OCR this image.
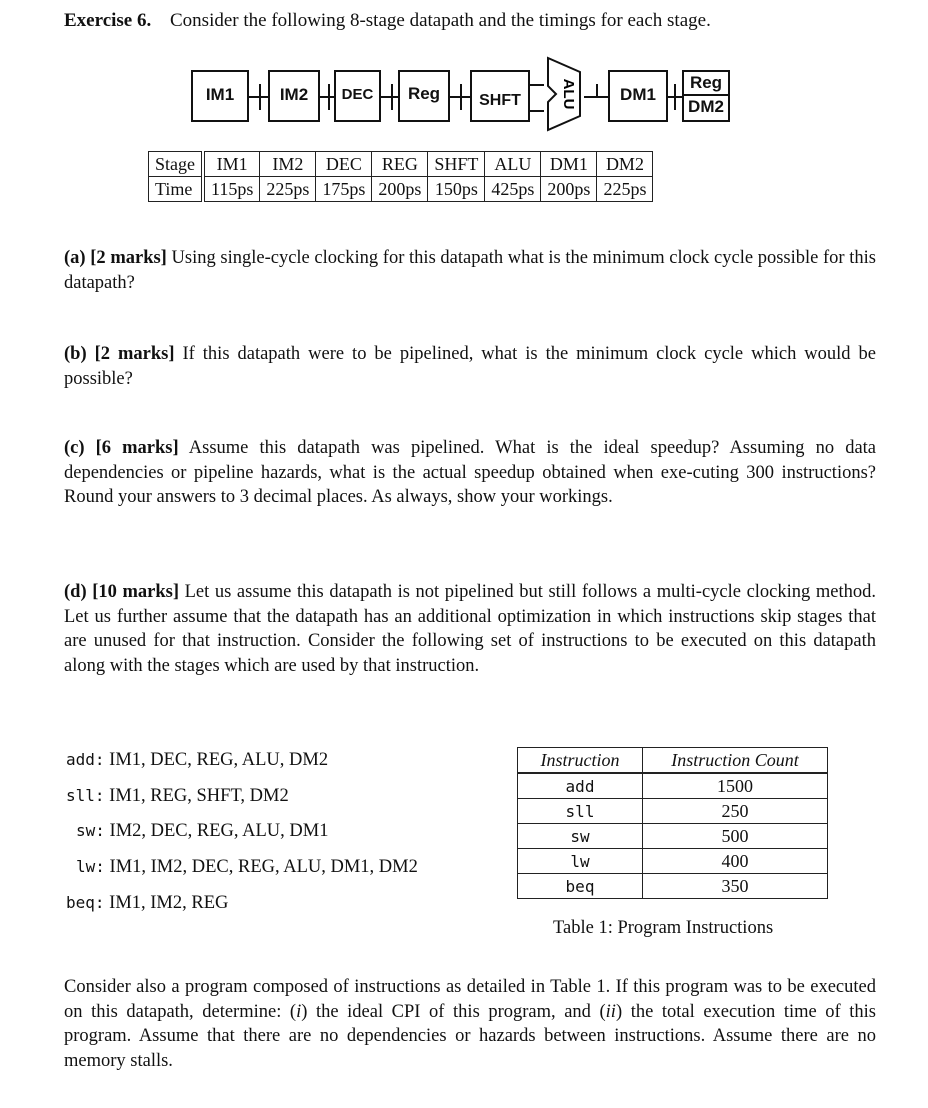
Exercise 6. Consider the following 8-stage datapath and the timings for each stage.
IM1	IM2	DEC	Reg	SHFT	ALU	DM1
Reg
DM2
Stage	IM1	IM2	DEC	REG	SHFT	ALU	DM1	DM2
Time	115ps	225ps	175ps	200ps	150ps	425ps	200ps	225ps
(a) [2 marks] Using single-cycle clocking for this datapath what is the minimum clock cycle possible for this datapath?
(b) [2 marks] If this datapath were to be pipelined, what is the minimum clock cycle which would be possible?
(c) [6 marks] Assume this datapath was pipelined. What is the ideal speedup? Assuming no data dependencies or pipeline hazards, what is the actual speedup obtained when exe-cuting 300 instructions? Round your answers to 3 decimal places. As always, show your workings.
(d) [10 marks] Let us assume this datapath is not pipelined but still follows a multi-cycle clocking method. Let us further assume that the datapath has an additional optimization in which instructions skip stages that are unused for that instruction. Consider the following set of instructions to be executed on this datapath along with the stages which are used by that instruction.
add: IM1, DEC, REG, ALU, DM2
sll: IM1, REG, SHFT, DM2
sw: IM2, DEC, REG, ALU, DM1
lw: IM1, IM2, DEC, REG, ALU, DM1, DM2
beq: IM1, IM2, REG
Instruction	Instruction Count
add	1500
sll	250
sw	500
lw	400
beq	350
Table 1: Program Instructions
Consider also a program composed of instructions as detailed in Table 1. If this program was to be executed on this datapath, determine: (i) the ideal CPI of this program, and (ii) the total execution time of this program. Assume that there are no dependencies or hazards between instructions. Assume there are no memory stalls.
